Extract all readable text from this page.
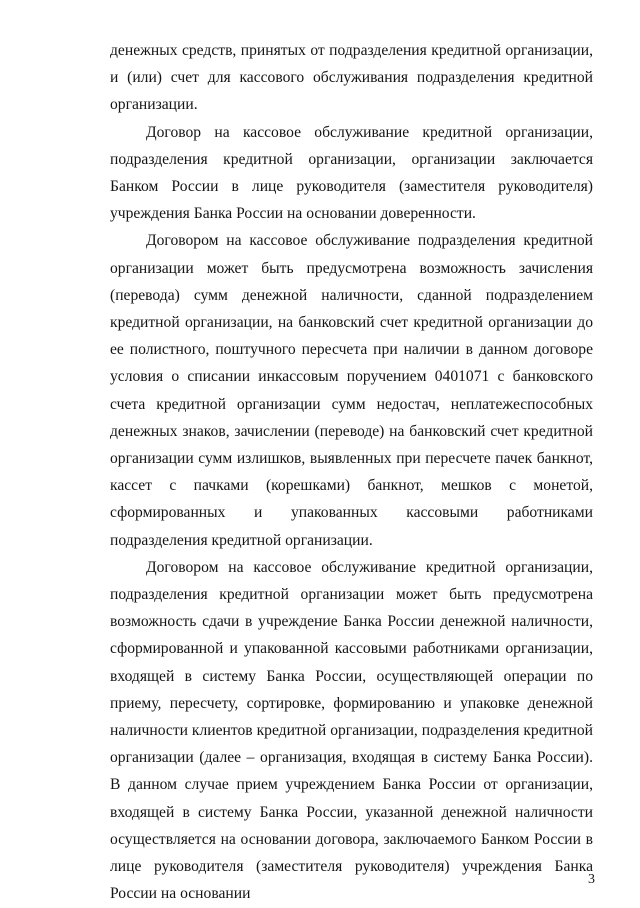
денежных средств, принятых от подразделения кредитной организации, и (или) счет для кассового обслуживания подразделения кредитной организации.

Договор на кассовое обслуживание кредитной организации, подразделения кредитной организации, организации заключается Банком России в лице руководителя (заместителя руководителя) учреждения Банка России на основании доверенности.

Договором на кассовое обслуживание подразделения кредитной организации может быть предусмотрена возможность зачисления (перевода) сумм денежной наличности, сданной подразделением кредитной организации, на банковский счет кредитной организации до ее полистного, поштучного пересчета при наличии в данном договоре условия о списании инкассовым поручением 0401071 с банковского счета кредитной организации сумм недостач, неплатежеспособных денежных знаков, зачислении (переводе) на банковский счет кредитной организации сумм излишков, выявленных при пересчете пачек банкнот, кассет с пачками (корешками) банкнот, мешков с монетой, сформированных и упакованных кассовыми работниками подразделения кредитной организации.

Договором на кассовое обслуживание кредитной организации, подразделения кредитной организации может быть предусмотрена возможность сдачи в учреждение Банка России денежной наличности, сформированной и упакованной кассовыми работниками организации, входящей в систему Банка России, осуществляющей операции по приему, пересчету, сортировке, формированию и упаковке денежной наличности клиентов кредитной организации, подразделения кредитной организации (далее – организация, входящая в систему Банка России). В данном случае прием учреждением Банка России от организации, входящей в систему Банка России, указанной денежной наличности осуществляется на основании договора, заключаемого Банком России в лице руководителя (заместителя руководителя) учреждения Банка России на основании

3
